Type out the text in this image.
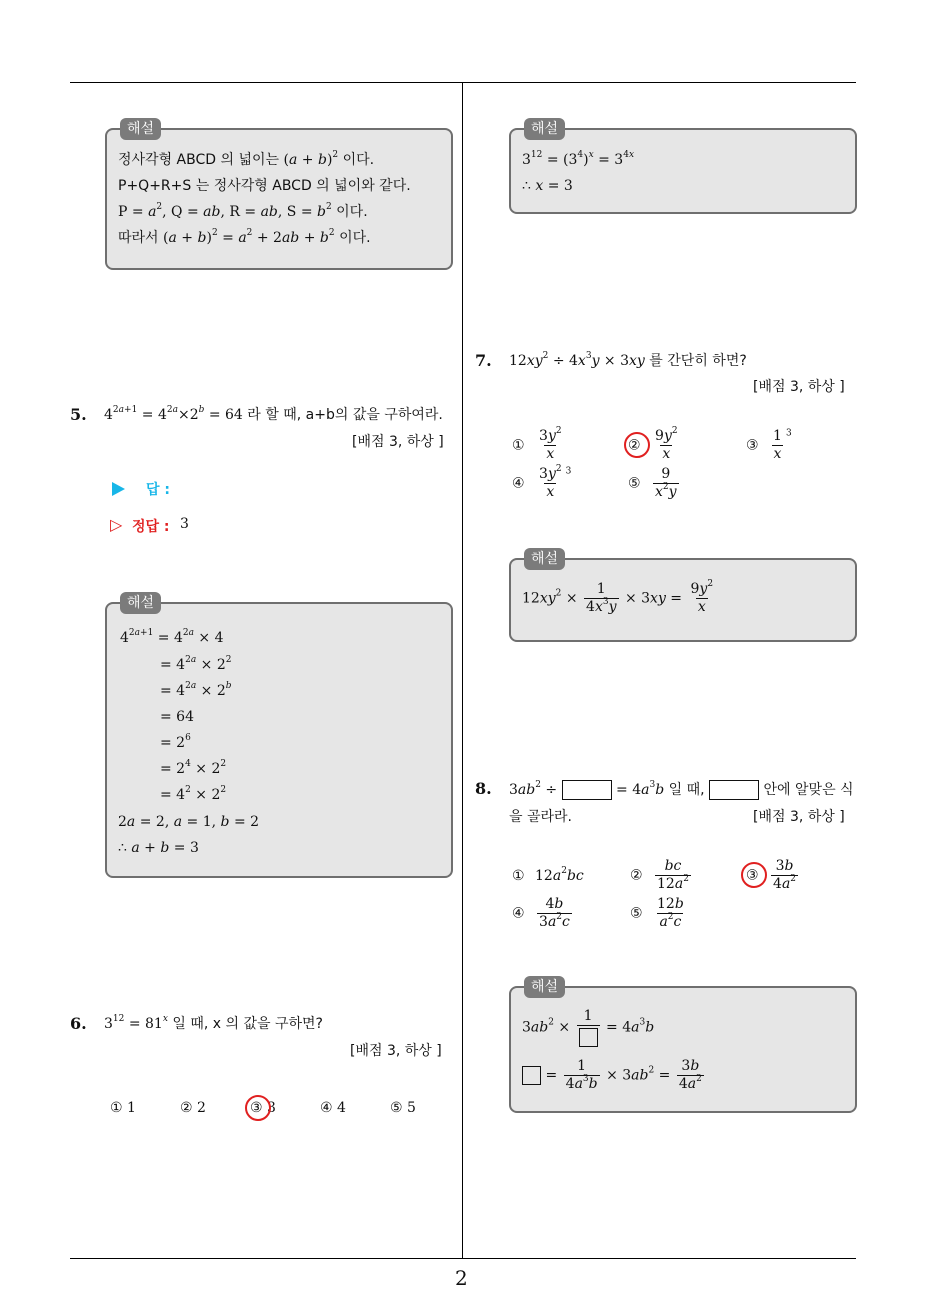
2
해설
정사각형 ABCD 의 넓이는 $(a + b)^2$ 이다.
P+Q+R+S 는 정사각형 ABCD 의 넓이와 같다.
$P = a^2$, Q = ab, R = ab, $S = b^2$ 이다.
따라서 $(a + b)^2 = a^2 + 2ab + b^2$ 이다.
5. $4^{2a+1} = 4^{2a}\times 2^b = 64$ 라 할 때, a+b의 값을 구하여라.
[배점 3, 하상 ]
답 :
▷ 정답 : 3
해설
$4^{2a+1} = 4^{2a} \times 4$
= $4^{2a} \times 2^2$
= $4^{2a} \times 2^b$
= 64
= $2^6$
= $2^4 \times 2^2$
= $4^2 \times 2^2$
2a = 2, a = 1, b = 2
∴ a + b = 3
6. $3^{12} = 81^x$ 일 때, x 의 값을 구하면?
[배점 3, 하상 ]
① 1	② 2	③ 3	④ 4	⑤ 5
해설
$3^{12} = (3^4)^x = 3^{4x}$
∴ x = 3
7. $12xy^2 \div 4x^3y \times 3xy$ 를 간단히 하면?
[배점 3, 하상 ]
① $\frac{3y^2}{x}$	② $\frac{9y^2}{x}$	③ $\frac{1}{x} ^3$
④ $\frac{3y^2}{x} ^3$
⑤ $\frac{9}{x^2y}$
해설
$12xy^2 \times \frac{1}{4x^3y} \times 3xy = \frac{9y^2}{x}$
8. $3ab^2$ ÷	= $4a^3b$ 일 때,	안에 알맞은 식
을 골라라.	[배점 3, 하상 ]
① $12a^2bc$	② $\frac{bc}{12a^2}$	③ $\frac{3b}{4a^2}$
④ $\frac{4b}{3a^2c}$	⑤ $\frac{12b}{a^2c}$
해설
$3ab^2$ ×
1
= $4a^3b$
= $\frac{1}{4a^3b} \times 3ab^2 = \frac{3b}{4a^2}$
